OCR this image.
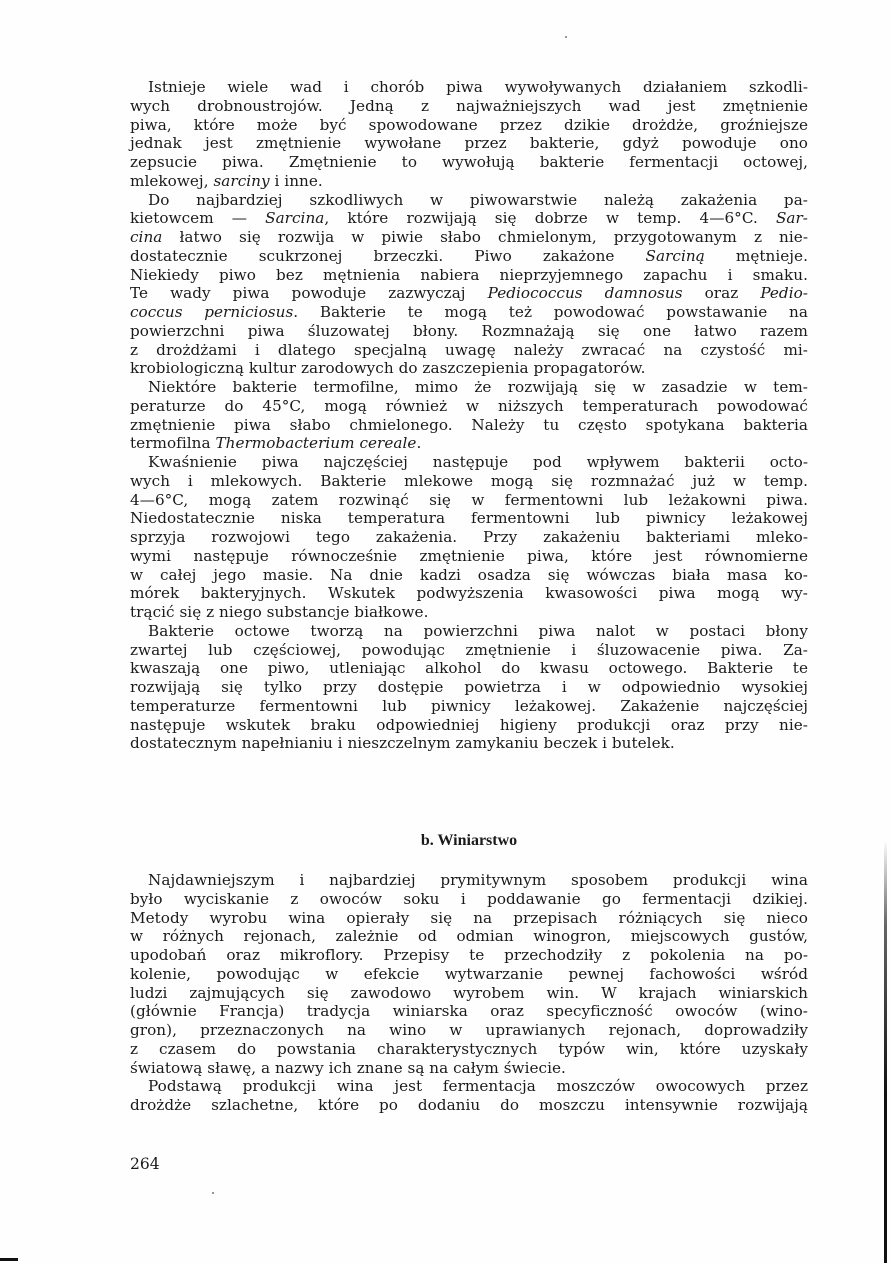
Istnieje wiele wad i chorób piwa wywoływanych działaniem szkodli-
wych drobnoustrojów. Jedną z najważniejszych wad jest zmętnienie
piwa, które może być spowodowane przez dzikie drożdże, groźniejsze
jednak jest zmętnienie wywołane przez bakterie, gdyż powoduje ono
zepsucie piwa. Zmętnienie to wywołują bakterie fermentacji octowej,
mlekowej, sarciny i inne.
Do najbardziej szkodliwych w piwowarstwie należą zakażenia pa-
kietowcem — Sarcina, które rozwijają się dobrze w temp. 4—6°C. Sar-
cina łatwo się rozwija w piwie słabo chmielonym, przygotowanym z nie-
dostatecznie scukrzonej brzeczki. Piwo zakażone Sarciną mętnieje.
Niekiedy piwo bez mętnienia nabiera nieprzyjemnego zapachu i smaku.
Te wady piwa powoduje zazwyczaj Pediococcus damnosus oraz Pedio-
coccus perniciosus. Bakterie te mogą też powodować powstawanie na
powierzchni piwa śluzowatej błony. Rozmnażają się one łatwo razem
z drożdżami i dlatego specjalną uwagę należy zwracać na czystość mi-
krobiologiczną kultur zarodowych do zaszczepienia propagatorów.
Niektóre bakterie termofilne, mimo że rozwijają się w zasadzie w tem-
peraturze do 45°C, mogą również w niższych temperaturach powodować
zmętnienie piwa słabo chmielonego. Należy tu często spotykana bakteria
termofilna Thermobacterium cereale.
Kwaśnienie piwa najczęściej następuje pod wpływem bakterii octo-
wych i mlekowych. Bakterie mlekowe mogą się rozmnażać już w temp.
4—6°C, mogą zatem rozwinąć się w fermentowni lub leżakowni piwa.
Niedostatecznie niska temperatura fermentowni lub piwnicy leżakowej
sprzyja rozwojowi tego zakażenia. Przy zakażeniu bakteriami mleko-
wymi następuje równocześnie zmętnienie piwa, które jest równomierne
w całej jego masie. Na dnie kadzi osadza się wówczas biała masa ko-
mórek bakteryjnych. Wskutek podwyższenia kwasowości piwa mogą wy-
trącić się z niego substancje białkowe.
Bakterie octowe tworzą na powierzchni piwa nalot w postaci błony
zwartej lub częściowej, powodując zmętnienie i śluzowacenie piwa. Za-
kwaszają one piwo, utleniając alkohol do kwasu octowego. Bakterie te
rozwijają się tylko przy dostępie powietrza i w odpowiednio wysokiej
temperaturze fermentowni lub piwnicy leżakowej. Zakażenie najczęściej
następuje wskutek braku odpowiedniej higieny produkcji oraz przy nie-
dostatecznym napełnianiu i nieszczelnym zamykaniu beczek i butelek.
b. Winiarstwo
Najdawniejszym i najbardziej prymitywnym sposobem produkcji wina
było wyciskanie z owoców soku i poddawanie go fermentacji dzikiej.
Metody wyrobu wina opierały się na przepisach różniących się nieco
w różnych rejonach, zależnie od odmian winogron, miejscowych gustów,
upodobań oraz mikroflory. Przepisy te przechodziły z pokolenia na po-
kolenie, powodując w efekcie wytwarzanie pewnej fachowości wśród
ludzi zajmujących się zawodowo wyrobem win. W krajach winiarskich
(głównie Francja) tradycja winiarska oraz specyficzność owoców (wino-
gron), przeznaczonych na wino w uprawianych rejonach, doprowadziły
z czasem do powstania charakterystycznych typów win, które uzyskały
światową sławę, a nazwy ich znane są na całym świecie.
Podstawą produkcji wina jest fermentacja moszczów owocowych przez
drożdże szlachetne, które po dodaniu do moszczu intensywnie rozwijają
264
